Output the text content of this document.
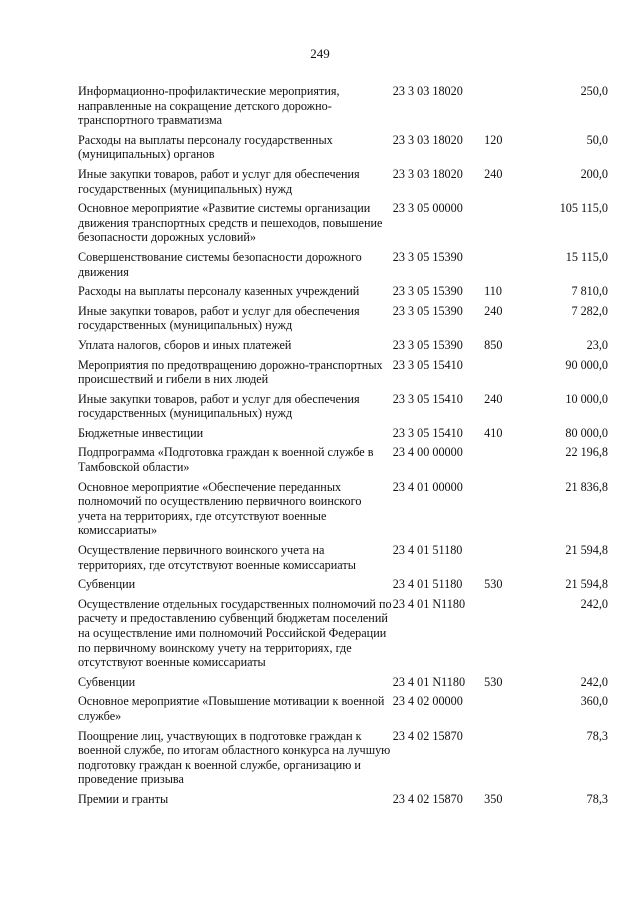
249
Информационно-профилактические мероприятия, направленные на сокращение детского дорожно-транспортного травматизма	23 3 03 18020		250,0
Расходы на выплаты персоналу государственных (муниципальных) органов	23 3 03 18020	120	50,0
Иные закупки товаров, работ и услуг для обеспечения государственных (муниципальных) нужд	23 3 03 18020	240	200,0
Основное мероприятие «Развитие системы организации движения транспортных средств и пешеходов, повышение безопасности дорожных условий»	23 3 05 00000		105 115,0
Совершенствование системы безопасности дорожного движения	23 3 05 15390		15 115,0
Расходы на выплаты персоналу казенных учреждений	23 3 05 15390	110	7 810,0
Иные закупки товаров, работ и услуг для обеспечения государственных (муниципальных) нужд	23 3 05 15390	240	7 282,0
Уплата налогов, сборов и иных платежей	23 3 05 15390	850	23,0
Мероприятия по предотвращению дорожно-транспортных происшествий и гибели в них людей	23 3 05 15410		90 000,0
Иные закупки товаров, работ и услуг для обеспечения государственных (муниципальных) нужд	23 3 05 15410	240	10 000,0
Бюджетные инвестиции	23 3 05 15410	410	80 000,0
Подпрограмма «Подготовка граждан к военной службе в Тамбовской области»	23 4 00 00000		22 196,8
Основное мероприятие «Обеспечение переданных полномочий по осуществлению первичного воинского учета на территориях, где отсутствуют военные комиссариаты»	23 4 01 00000		21 836,8
Осуществление первичного воинского учета на территориях, где отсутствуют военные комиссариаты	23 4 01 51180		21 594,8
Субвенции	23 4 01 51180	530	21 594,8
Осуществление отдельных государственных полномочий по расчету и предоставлению субвенций бюджетам поселений на осуществление ими полномочий Российской Федерации по первичному воинскому учету на территориях, где отсутствуют военные комиссариаты	23 4 01 N1180		242,0
Субвенции	23 4 01 N1180	530	242,0
Основное мероприятие «Повышение мотивации к военной службе»	23 4 02 00000		360,0
Поощрение лиц, участвующих в подготовке граждан к военной службе, по итогам областного конкурса на лучшую подготовку граждан к военной службе, организацию и проведение призыва	23 4 02 15870		78,3
Премии и гранты	23 4 02 15870	350	78,3
